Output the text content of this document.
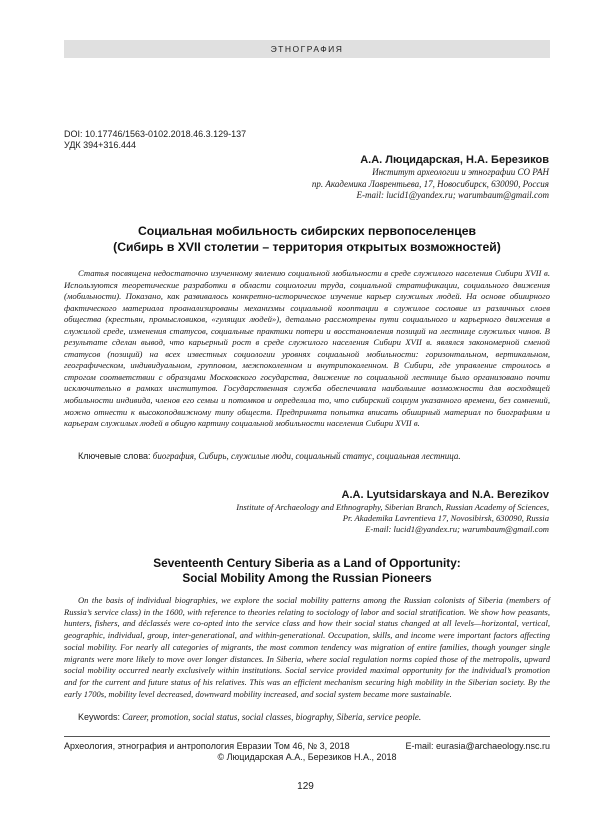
ЭТНОГРАФИЯ
DOI: 10.17746/1563-0102.2018.46.3.129-137
УДК 394+316.444
А.А. Люцидарская, Н.А. Березиков
Институт археологии и этнографии СО РАН
пр. Академика Лаврентьева, 17, Новосибирск, 630090, Россия
E-mail: lucid1@yandex.ru; warumbaum@gmail.com
Социальная мобильность сибирских первопоселенцев
(Сибирь в XVII столетии – территория открытых возможностей)

Статья посвящена недостаточно изученному явлению социальной мобильности в среде служилого населения Сибири XVII в. Используются теоретические разработки в области социологии труда, социальной стратификации, социального движения (мобильности). Показано, как развивалось конкретно-историческое изучение карьер служилых людей. На основе обширного фактического материала проанализированы механизмы социальной кооптации в служилое сословие из различных слоев общества (крестьян, промысловиков, «гулящих людей»), детально рассмотрены пути социального и карьерного движения в служилой среде, изменения статусов, социальные практики потери и восстановления позиций на лестнице служилых чинов. В результате сделан вывод, что карьерный рост в среде служилого населения Сибири XVII в. являлся закономерной сменой статусов (позиций) на всех известных социологии уровнях социальной мобильности: горизонтальном, вертикальном, географическом, индивидуальном, групповом, межпоколенном и внутрипоколенном. В Сибири, где управление строилось в строгом соответствии с образцами Московского государства, движение по социальной лестнице было организовано почти исключительно в рамках институтов. Государственная служба обеспечивала наибольшие возможности для восходящей мобильности индивида, членов его семьи и потомков и определила то, что сибирский социум указанного времени, без сомнений, можно отнести к высокоподвижному типу обществ. Предпринята попытка вписать обширный материал по биографиям и карьерам служилых людей в общую картину социальной мобильности населения Сибири XVII в.

Ключевые слова: биография, Сибирь, служилые люди, социальный статус, социальная лестница.
A.A. Lyutsidarskaya and N.A. Berezikov
Institute of Archaeology and Ethnography, Siberian Branch, Russian Academy of Sciences,
Pr. Akademika Lavrentieva 17, Novosibirsk, 630090, Russia
E-mail: lucid1@yandex.ru; warumbaum@gmail.com
Seventeenth Century Siberia as a Land of Opportunity:
Social Mobility Among the Russian Pioneers

On the basis of individual biographies, we explore the social mobility patterns among the Russian colonists of Siberia (members of Russia’s service class) in the 1600, with reference to theories relating to sociology of labor and social stratification. We show how peasants, hunters, fishers, and déclassés were co-opted into the service class and how their social status changed at all levels—horizontal, vertical, geographic, individual, group, inter-generational, and within-generational. Occupation, skills, and income were important factors affecting social mobility. For nearly all categories of migrants, the most common tendency was migration of entire families, though younger single migrants were more likely to move over longer distances. In Siberia, where social regulation norms copied those of the metropolis, upward social mobility occurred nearly exclusively within institutions. Social service provided maximal opportunity for the individual’s promotion and for the current and future status of his relatives. This was an efficient mechanism securing high mobility in the Siberian society. By the early 1700s, mobility level decreased, downward mobility increased, and social system became more sustainable.

Keywords: Career, promotion, social status, social classes, biography, Siberia, service people.
Археология, этнография и антропология Евразии Том 46, № 3, 2018	E-mail: eurasia@archaeology.nsc.ru
© Люцидарская А.А., Березиков Н.А., 2018
129
